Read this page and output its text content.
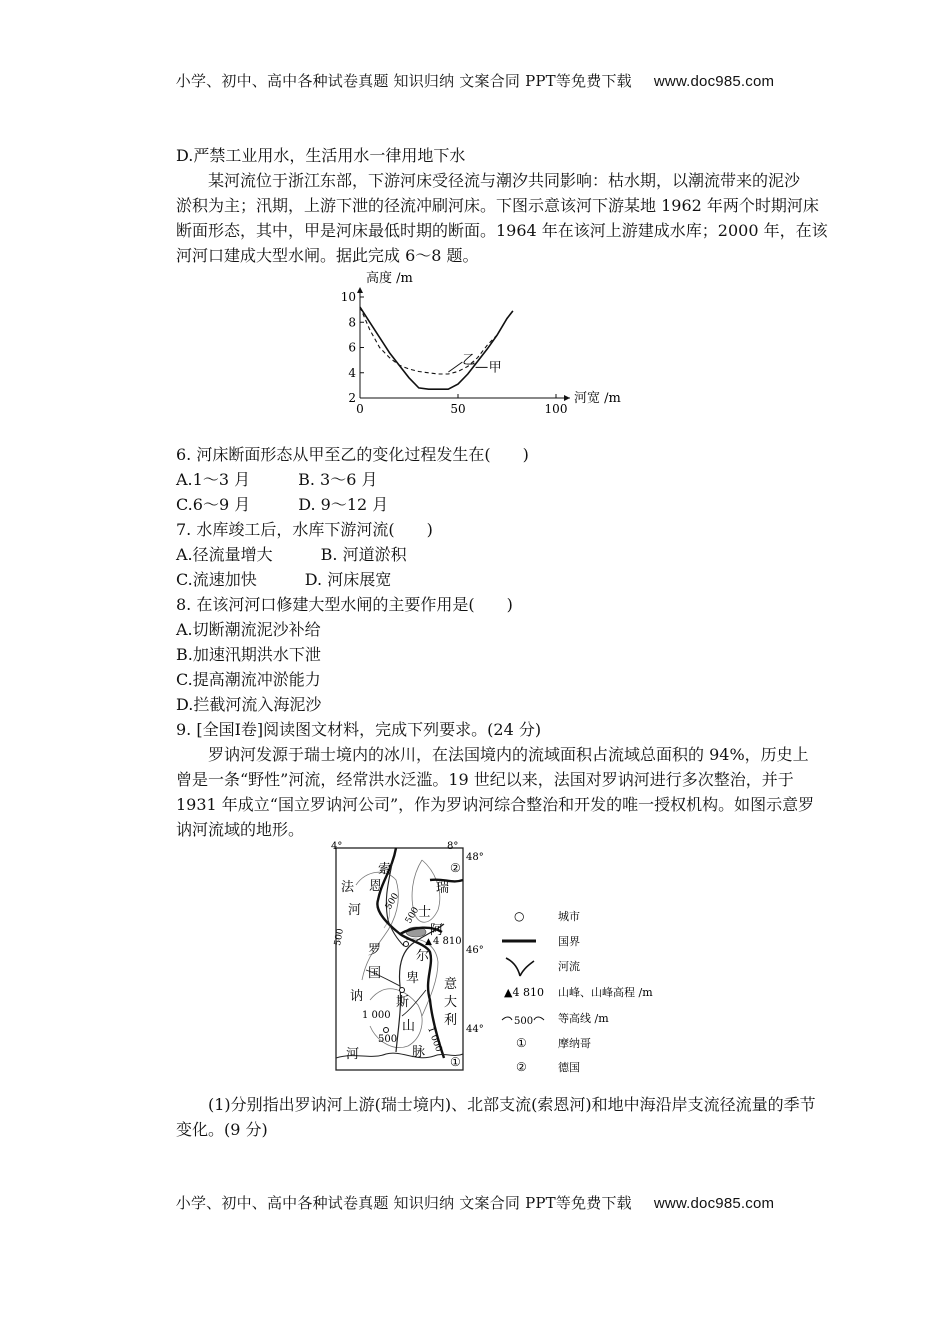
小学、初中、高中各种试卷真题 知识归纳 文案合同 PPT等免费下载 www.doc985.com
D.严禁工业用水，生活用水一律用地下水
某河流位于浙江东部，下游河床受径流与潮汐共同影响：枯水期，以潮流带来的泥沙
淤积为主；汛期，上游下泄的径流冲刷河床。下图示意该河下游某地 1962 年两个时期河床
断面形态，其中，甲是河床最低时期的断面。1964 年在该河上游建成水库；2000 年，在该
河河口建成大型水闸。据此完成 6～8 题。
2
4
6
8
10
0	50	100
高度 /m
河宽 /m
乙 甲
6. 河床断面形态从甲至乙的变化过程发生在(　　)
A.1～3 月　　　B. 3～6 月
C.6～9 月　　　D. 9～12 月
7. 水库竣工后，水库下游河流(　　)
A.径流量增大　　　B. 河道淤积
C.流速加快　　　D. 河床展宽
8. 在该河河口修建大型水闸的主要作用是(　　)
A.切断潮流泥沙补给
B.加速汛期洪水下泄
C.提高潮流冲淤能力
D.拦截河流入海泥沙
9. [全国Ⅰ卷]阅读图文材料，完成下列要求。(24 分)
罗讷河发源于瑞士境内的冰川，在法国境内的流域面积占流域总面积的 94%，历史上
曾是一条“野性”河流，经常洪水泛滥。19 世纪以来，法国对罗讷河进行多次整治，并于
1931 年成立“国立罗讷河公司”，作为罗讷河综合整治和开发的唯一授权机构。如图示意罗
讷河流域的地形。
4°	8°
48°
46°
44°
▲ 4 810
索
恩
法
河
罗
国
讷
河
瑞
士
阿
尔
卑
斯
山
脉
意
大
利
500
500
1 000
1 000
500
500
①
②
○	城市
国界
河流
▲4 810 山峰、山峰高程 /m
500 等高线 /m
①	摩纳哥
②	德国
(1)分别指出罗讷河上游(瑞士境内)、北部支流(索恩河)和地中海沿岸支流径流量的季节
变化。(9 分)
小学、初中、高中各种试卷真题 知识归纳 文案合同 PPT等免费下载 www.doc985.com
